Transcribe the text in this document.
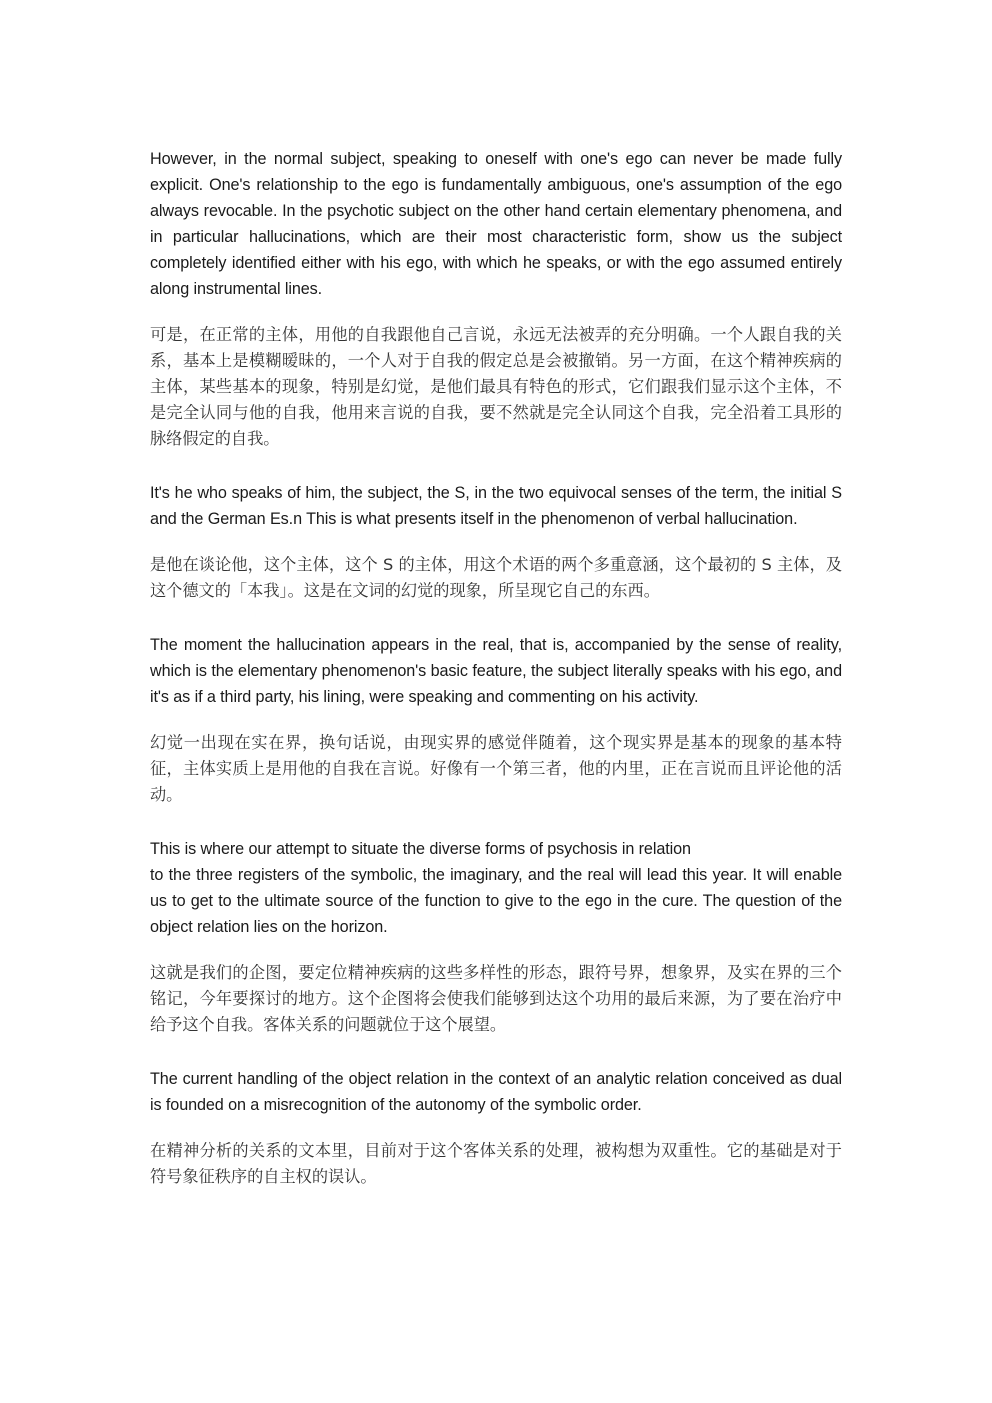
However, in the normal subject, speaking to oneself with one's ego can never be made fully explicit. One's relationship to the ego is fundamentally ambiguous, one's assumption of the ego always revocable. In the psychotic subject on the other hand certain elementary phenomena, and in particular hallucinations, which are their most characteristic form, show us the subject completely identified either with his ego, with which he speaks, or with the ego assumed entirely along instrumental lines.

可是，在正常的主体，用他的自我跟他自己言说，永远无法被弄的充分明确。一个人跟自我的关系，基本上是模糊暧昧的，一个人对于自我的假定总是会被撤销。另一方面，在这个精神疾病的主体，某些基本的现象，特别是幻觉，是他们最具有特色的形式，它们跟我们显示这个主体，不是完全认同与他的自我，他用来言说的自我，要不然就是完全认同这个自我，完全沿着工具形的脉络假定的自我。

It's he who speaks of him, the subject, the S, in the two equivocal senses of the term, the initial S and the German Es.n This is what presents itself in the phenomenon of verbal hallucination.

是他在谈论他，这个主体，这个 S 的主体，用这个术语的两个多重意涵，这个最初的 S 主体，及这个德文的「本我」。这是在文词的幻觉的现象，所呈现它自己的东西。

The moment the hallucination appears in the real, that is, accompanied by the sense of reality, which is the elementary phenomenon's basic feature, the subject literally speaks with his ego, and it's as if a third party, his lining, were speaking and commenting on his activity.

幻觉一出现在实在界，换句话说，由现实界的感觉伴随着，这个现实界是基本的现象的基本特征，主体实质上是用他的自我在言说。好像有一个第三者，他的内里，正在言说而且评论他的活动。

This is where our attempt to situate the diverse forms of psychosis in relation
to the three registers of the symbolic, the imaginary, and the real will lead this year. It will enable us to get to the ultimate source of the function to give to the ego in the cure. The question of the object relation lies on the horizon.

这就是我们的企图，要定位精神疾病的这些多样性的形态，跟符号界，想象界，及实在界的三个铭记，今年要探讨的地方。这个企图将会使我们能够到达这个功用的最后来源，为了要在治疗中给予这个自我。客体关系的问题就位于这个展望。

The current handling of the object relation in the context of an analytic relation conceived as dual is founded on a misrecognition of the autonomy of the symbolic order.

在精神分析的关系的文本里，目前对于这个客体关系的处理，被构想为双重性。它的基础是对于符号象征秩序的自主权的误认。
